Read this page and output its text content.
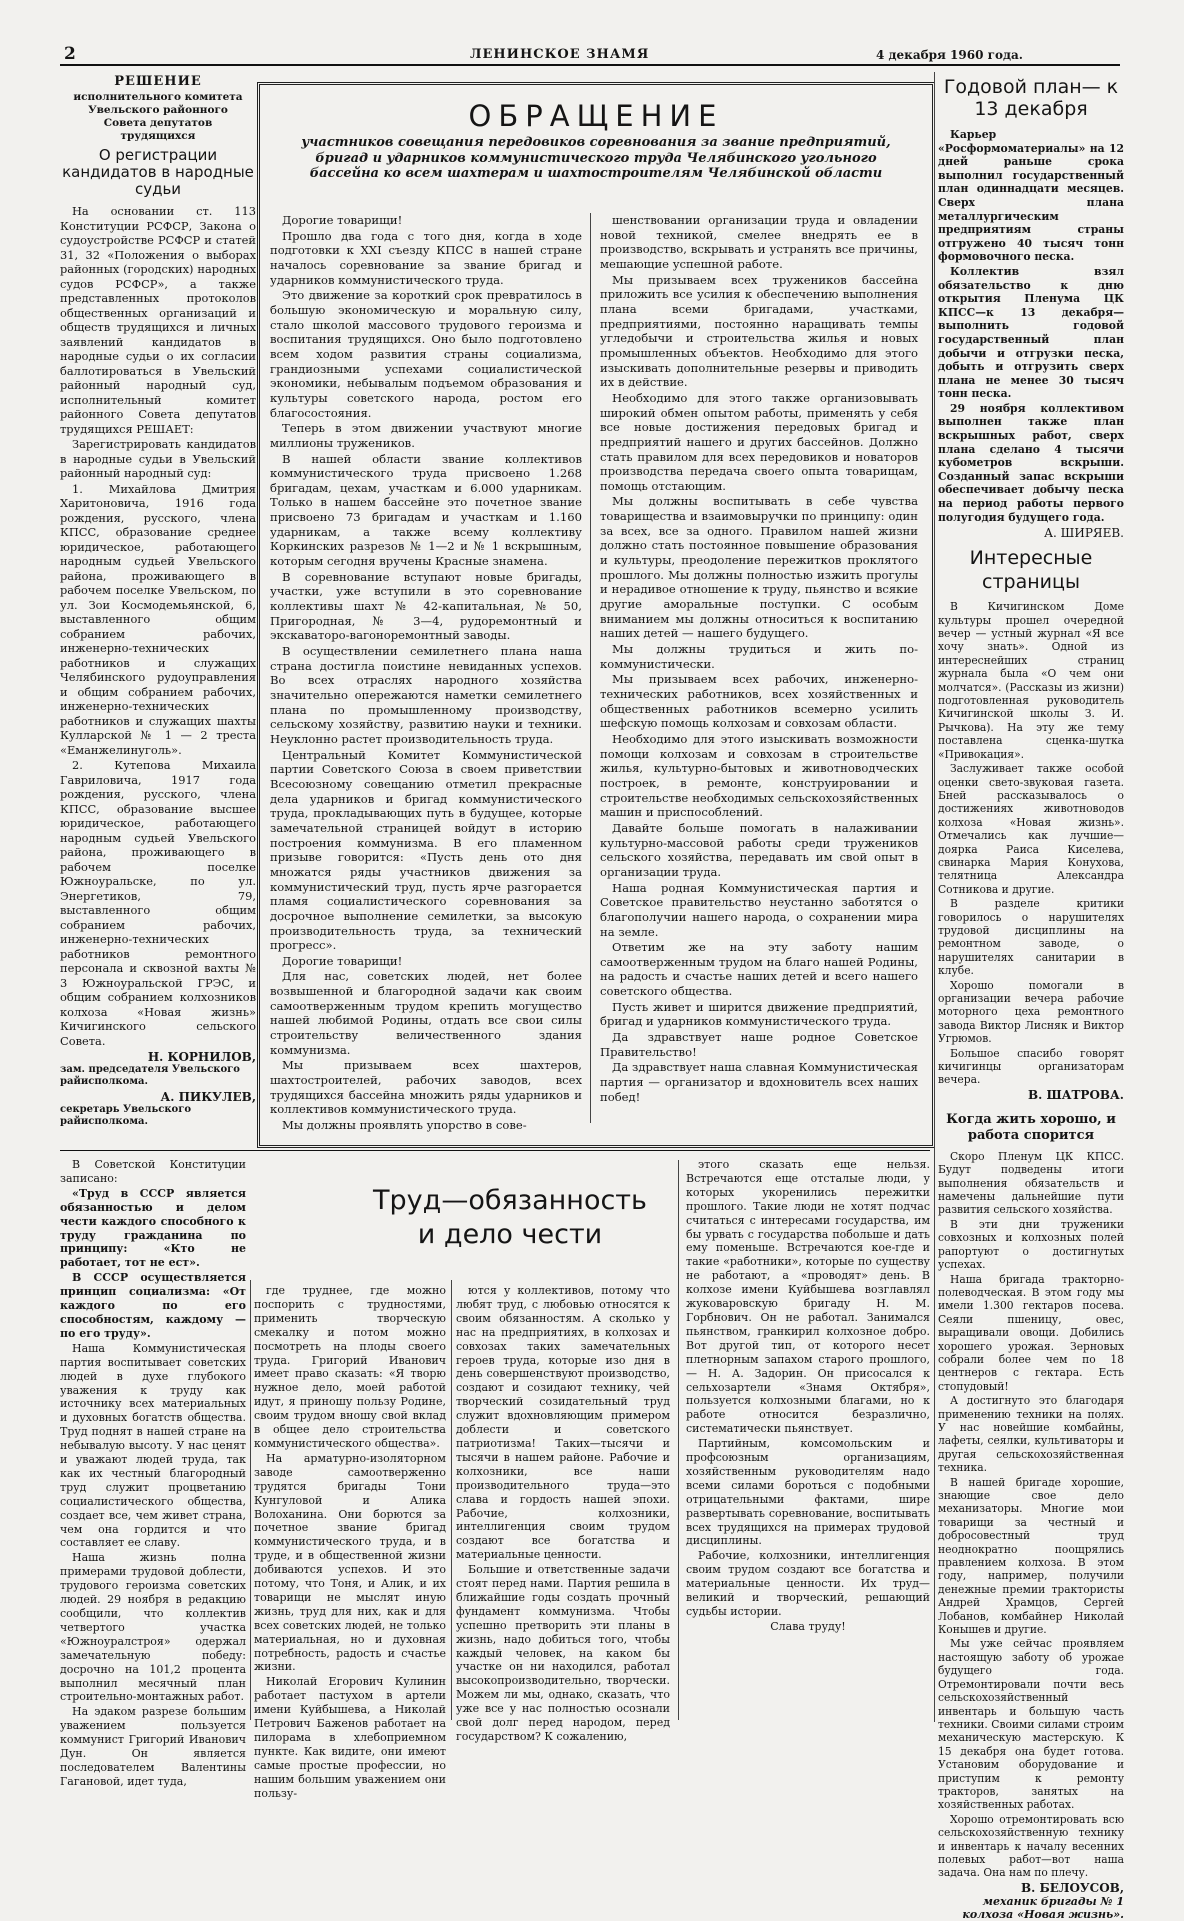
2	ЛЕНИНСКОЕ ЗНАМЯ	4 декабря 1960 года.
РЕШЕНИЕ
исполнительного комитета Увельского районного Совета депутатов трудящихся
О регистрации кандидатов в народные судьи

На основании ст. 113 Конституции РСФСР, Закона о судоустройстве РСФСР и статей 31, 32 «Положения о выборах районных (городских) народных судов РСФСР», а также представленных протоколов общественных организаций и обществ трудящихся и личных заявлений кандидатов в народные судьи о их согласии баллотироваться в Увельский районный народный суд, исполнительный комитет районного Совета депутатов трудящихся РЕШАЕТ:

Зарегистрировать кандидатов в народные судьи в Увельский районный народный суд:

1. Михайлова Дмитрия Харитоновича, 1916 года рождения, русского, члена КПСС, образование среднее юридическое, работающего народным судьей Увельского района, проживающего в рабочем поселке Увельском, по ул. Зои Космодемьянской, 6, выставленного общим собранием рабочих, инженерно-технических работников и служащих Челябинского рудоуправления и общим собранием рабочих, инженерно-технических работников и служащих шахты Кулларской № 1 — 2 треста «Еманжелинуголь».

2. Кутепова Михаила Гавриловича, 1917 года рождения, русского, члена КПСС, образование высшее юридическое, работающего народным судьей Увельского района, проживающего в рабочем поселке Южноуральске, по ул. Энергетиков, 79, выставленного общим собранием рабочих, инженерно-технических работников ремонтного персонала и сквозной вахты № 3 Южноуральской ГРЭС, и общим собранием колхозников колхоза «Новая жизнь» Кичигинского сельского Совета.

Н. КОРНИЛОВ,
зам. председателя Увельского райисполкома.
А. ПИКУЛЕВ,
секретарь Увельского райисполкома.
ОБРАЩЕНИЕ
участников совещания передовиков соревнования за звание предприятий, бригад и ударников коммунистического труда Челябинского угольного бассейна ко всем шахтерам и шахтостроителям Челябинской области

Дорогие товарищи!

Прошло два года с того дня, когда в ходе подготовки к XXI съезду КПСС в нашей стране началось соревнование за звание бригад и ударников коммунистического труда.

Это движение за короткий срок превратилось в большую экономическую и моральную силу, стало школой массового трудового героизма и воспитания трудящихся. Оно было подготовлено всем ходом развития страны социализма, грандиозными успехами социалистической экономики, небывалым подъемом образования и культуры советского народа, ростом его благосостояния.

Теперь в этом движении участвуют многие миллионы тружеников.

В нашей области звание коллективов коммунистического труда присвоено 1.268 бригадам, цехам, участкам и 6.000 ударникам. Только в нашем бассейне это почетное звание присвоено 73 бригадам и участкам и 1.160 ударникам, а также всему коллективу Коркинских разрезов № 1—2 и № 1 вскрышным, которым сегодня вручены Красные знамена.

В соревнование вступают новые бригады, участки, уже вступили в это соревнование коллективы шахт № 42-капитальная, № 50, Пригородная, № 3—4, рудоремонтный и экскаваторо-вагоноремонтный заводы.

В осуществлении семилетнего плана наша страна достигла поистине невиданных успехов. Во всех отраслях народного хозяйства значительно опережаются наметки семилетнего плана по промышленному производству, сельскому хозяйству, развитию науки и техники. Неуклонно растет производительность труда.

Центральный Комитет Коммунистической партии Советского Союза в своем приветствии Всесоюзному совещанию отметил прекрасные дела ударников и бригад коммунистического труда, прокладывающих путь в будущее, которые замечательной страницей войдут в историю построения коммунизма. В его пламенном призыве говорится: «Пусть день ото дня множатся ряды участников движения за коммунистический труд, пусть ярче разгорается пламя социалистического соревнования за досрочное выполнение семилетки, за высокую производительность труда, за технический прогресс».

Дорогие товарищи!

Для нас, советских людей, нет более возвышенной и благородной задачи как своим самоотверженным трудом крепить могущество нашей любимой Родины, отдать все свои силы строительству величественного здания коммунизма.

Мы призываем всех шахтеров, шахтостроителей, рабочих заводов, всех трудящихся бассейна множить ряды ударников и коллективов коммунистического труда.

Мы должны проявлять упорство в сове-

шенствовании организации труда и овладении новой техникой, смелее внедрять ее в производство, вскрывать и устранять все причины, мешающие успешной работе.

Мы призываем всех тружеников бассейна приложить все усилия к обеспечению выполнения плана всеми бригадами, участками, предприятиями, постоянно наращивать темпы угледобычи и строительства жилья и новых промышленных объектов. Необходимо для этого изыскивать дополнительные резервы и приводить их в действие.

Необходимо для этого также организовывать широкий обмен опытом работы, применять у себя все новые достижения передовых бригад и предприятий нашего и других бассейнов. Должно стать правилом для всех передовиков и новаторов производства передача своего опыта товарищам, помощь отстающим.

Мы должны воспитывать в себе чувства товарищества и взаимовыручки по принципу: один за всех, все за одного. Правилом нашей жизни должно стать постоянное повышение образования и культуры, преодоление пережитков проклятого прошлого. Мы должны полностью изжить прогулы и нерадивое отношение к труду, пьянство и всякие другие аморальные поступки. С особым вниманием мы должны относиться к воспитанию наших детей — нашего будущего.

Мы должны трудиться и жить по-коммунистически.

Мы призываем всех рабочих, инженерно-технических работников, всех хозяйственных и общественных работников всемерно усилить шефскую помощь колхозам и совхозам области.

Необходимо для этого изыскивать возможности помощи колхозам и совхозам в строительстве жилья, культурно-бытовых и животноводческих построек, в ремонте, конструировании и строительстве необходимых сельскохозяйственных машин и приспособлений.

Давайте больше помогать в налаживании культурно-массовой работы среди тружеников сельского хозяйства, передавать им свой опыт в организации труда.

Наша родная Коммунистическая партия и Советское правительство неустанно заботятся о благополучии нашего народа, о сохранении мира на земле.

Ответим же на эту заботу нашим самоотверженным трудом на благо нашей Родины, на радость и счастье наших детей и всего нашего советского общества.

Пусть живет и ширится движение предприятий, бригад и ударников коммунистического труда.

Да здравствует наше родное Советское Правительство!

Да здравствует наша славная Коммунистическая партия — организатор и вдохновитель всех наших побед!

Годовой план— к 13 декабря

Карьер «Росформоматериалы» на 12 дней раньше срока выполнил государственный план одиннадцати месяцев. Сверх плана металлургическим предприятиям страны отгружено 40 тысяч тонн формовочного песка.

Коллектив взял обязательство к дню открытия Пленума ЦК КПСС—к 13 декабря—выполнить годовой государственный план добычи и отгрузки песка, добыть и отгрузить сверх плана не менее 30 тысяч тонн песка.

29 ноября коллективом выполнен также план вскрышных работ, сверх плана сделано 4 тысячи кубометров вскрыши. Созданный запас вскрыши обеспечивает добычу песка на период работы первого полугодия будущего года.

А. ШИРЯЕВ.
Интересные страницы

В Кичигинском Доме культуры прошел очередной вечер — устный журнал «Я все хочу знать». Одной из интереснейших страниц журнала была «О чем они молчатся». (Рассказы из жизни) подготовленная руководитель Кичигинской школы З. И. Рычкова). На эту же тему поставлена сценка-шутка «Привокация».

Заслуживает также особой оценки свето-звуковая газета. Бней рассказывалось о достижениях животноводов колхоза «Новая жизнь». Отмечались как лучшие—доярка Раиса Киселева, свинарка Мария Конухова, телятница Александра Сотникова и другие.

В разделе критики говорилось о нарушителях трудовой дисциплины на ремонтном заводе, о нарушителях санитарии в клубе.

Хорошо помогали в организации вечера рабочие моторного цеха ремонтного завода Виктор Лисняк и Виктор Угрюмов.

Большое спасибо говорят кичигинцы организаторам вечера.

В. ШАТРОВА.
Когда жить хорошо, и работа спорится

Скоро Пленум ЦК КПСС. Будут подведены итоги выполнения обязательств и намечены дальнейшие пути развития сельского хозяйства.

В эти дни труженики совхозных и колхозных полей рапортуют о достигнутых успехах.

Наша бригада тракторно-полеводческая. В этом году мы имели 1.300 гектаров посева. Сеяли пшеницу, овес, выращивали овощи. Добились хорошего урожая. Зерновых собрали более чем по 18 центнеров с гектара. Есть стопудовый!

А достигнуто это благодаря применению техники на полях. У нас новейшие комбайны, лафеты, сеялки, культиваторы и другая сельскохозяйственная техника.

В нашей бригаде хорошие, знающие свое дело механизаторы. Многие мои товарищи за честный и добросовестный труд неоднократно поощрялись правлением колхоза. В этом году, например, получили денежные премии трактористы Андрей Храмцов, Сергей Лобанов, комбайнер Николай Конышев и другие.

Мы уже сейчас проявляем настоящую заботу об урожае будущего года. Отремонтировали почти весь сельскохозяйственный инвентарь и большую часть техники. Своими силами строим механическую мастерскую. К 15 декабря она будет готова. Установим оборудование и приступим к ремонту тракторов, занятых на хозяйственных работах.

Хорошо отремонтировать всю сельскохозяйственную технику и инвентарь к началу весенних полевых работ—вот наша задача. Она нам по плечу.

В. БЕЛОУСОВ,
механик бригады № 1 колхоза «Новая жизнь».
Труд—обязанность
и дело чести

В Советской Конституции записано:

«Труд в СССР является обязанностью и делом чести каждого способного к труду гражданина по принципу: «Кто не работает, тот не ест».

В СССР осуществляется принцип социализма: «От каждого по его способностям, каждому — по его труду».

Наша Коммунистическая партия воспитывает советских людей в духе глубокого уважения к труду как источнику всех материальных и духовных богатств общества. Труд поднят в нашей стране на небывалую высоту. У нас ценят и уважают людей труда, так как их честный благородный труд служит процветанию социалистического общества, создает все, чем живет страна, чем она гордится и что составляет ее славу.

Наша жизнь полна примерами трудовой доблести, трудового героизма советских людей. 29 ноября в редакцию сообщили, что коллектив четвертого участка «Южноуралстроя» одержал замечательную победу: досрочно на 101,2 процента выполнил месячный план строительно-монтажных работ.

На эдаком разрезе большим уважением пользуется коммунист Григорий Иванович Дун. Он является последователем Валентины Гагановой, идет туда,

где труднее, где можно поспорить с трудностями, применить творческую смекалку и потом можно посмотреть на плоды своего труда. Григорий Иванович имеет право сказать: «Я творю нужное дело, моей работой идут, я приношу пользу Родине, своим трудом вношу свой вклад в общее дело строительства коммунистического общества».

На арматурно-изоляторном заводе самоотверженно трудятся бригады Тони Кунгуловой и Алика Волоханина. Они борются за почетное звание бригад коммунистического труда, и в труде, и в общественной жизни добиваются успехов. И это потому, что Тоня, и Алик, и их товарищи не мыслят иную жизнь, труд для них, как и для всех советских людей, не только материальная, но и духовная потребность, радость и счастье жизни.

Николай Егорович Кулинин работает пастухом в артели имени Куйбышева, а Николай Петрович Баженов работает на пилорама в хлебоприемном пункте. Как видите, они имеют самые простые профессии, но нашим большим уважением они пользу-

ются у коллективов, потому что любят труд, с любовью относятся к своим обязанностям. А сколько у нас на предприятиях, в колхозах и совхозах таких замечательных героев труда, которые изо дня в день совершенствуют производство, создают и созидают технику, чей творческий созидательный труд служит вдохновляющим примером доблести и советского патриотизма! Таких—тысячи и тысячи в нашем районе. Рабочие и колхозники, все наши производительного труда—это слава и гордость нашей эпохи. Рабочие, колхозники, интеллигенция своим трудом создают все богатства и материальные ценности.

Большие и ответственные задачи стоят перед нами. Партия решила в ближайшие годы создать прочный фундамент коммунизма. Чтобы успешно претворить эти планы в жизнь, надо добиться того, чтобы каждый человек, на каком бы участке он ни находился, работал высокопроизводительно, творчески. Можем ли мы, однако, сказать, что уже все у нас полностью осознали свой долг перед народом, перед государством? К сожалению,

этого сказать еще нельзя. Встречаются еще отсталые люди, у которых укоренились пережитки прошлого. Такие люди не хотят подчас считаться с интересами государства, им бы урвать с государства побольше и дать ему поменьше. Встречаются кое-где и такие «работники», которые по существу не работают, а «проводят» день. В колхозе имени Куйбышева возглавлял жуковаровскую бригаду Н. М. Горбнович. Он не работал. Занимался пьянством, гранкирил колхозное добро. Вот другой тип, от которого несет плетнорным запахом старого прошлого, — Н. А. Задорин. Он присосался к сельхозартели «Знамя Октября», пользуется колхозными благами, но к работе относится безразлично, систематически пьянствует.

Партийным, комсомольским и профсоюзным организациям, хозяйственным руководителям надо всеми силами бороться с подобными отрицательными фактами, шире развертывать соревнование, воспитывать всех трудящихся на примерах трудовой дисциплины.

Рабочие, колхозники, интеллигенция своим трудом создают все богатства и материальные ценности. Их труд—великий и творческий, решающий судьбы истории.

Слава труду!
